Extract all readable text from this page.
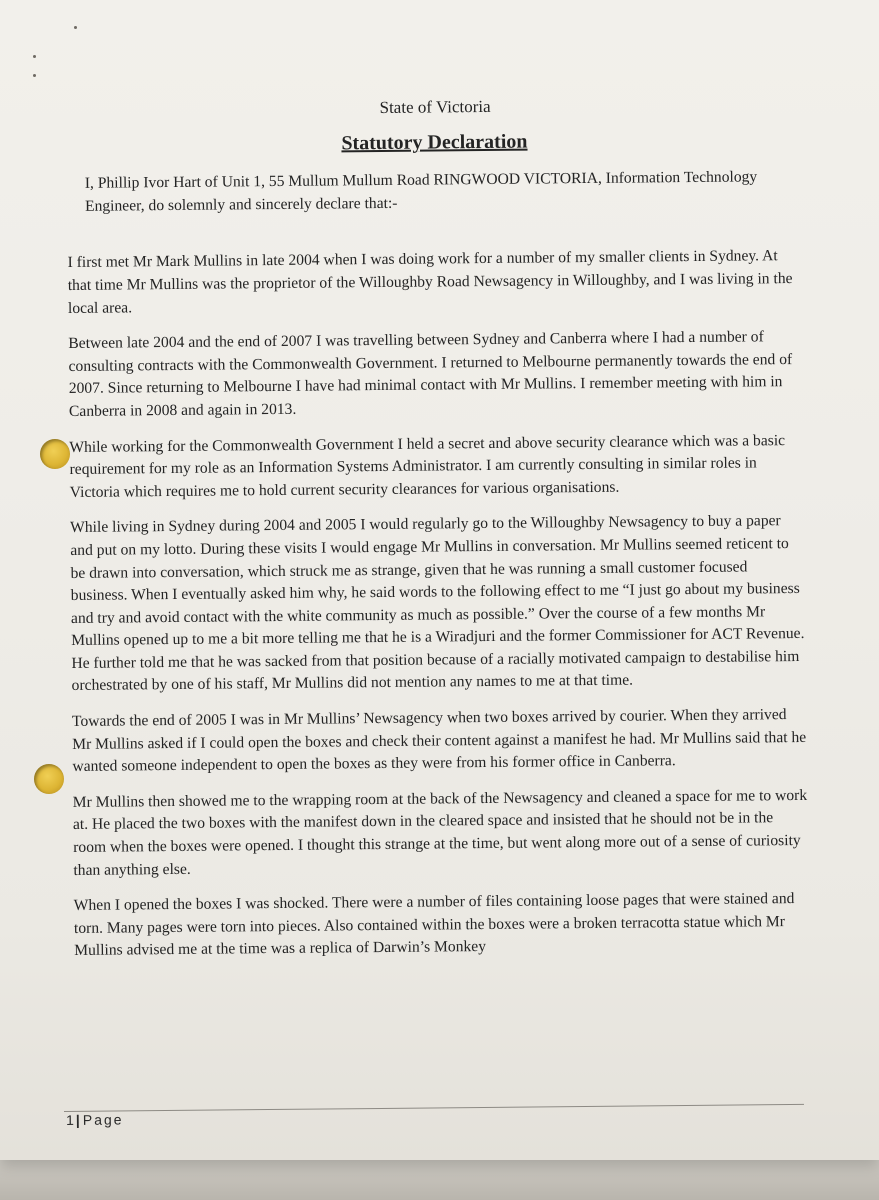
State of Victoria
Statutory Declaration
I, Phillip Ivor Hart of Unit 1, 55 Mullum Mullum Road RINGWOOD VICTORIA, Information Technology Engineer, do solemnly and sincerely declare that:-

I first met Mr Mark Mullins in late 2004 when I was doing work for a number of my smaller clients in Sydney. At that time Mr Mullins was the proprietor of the Willoughby Road Newsagency in Willoughby, and I was living in the local area.

Between late 2004 and the end of 2007 I was travelling between Sydney and Canberra where I had a number of consulting contracts with the Commonwealth Government. I returned to Melbourne permanently towards the end of 2007. Since returning to Melbourne I have had minimal contact with Mr Mullins. I remember meeting with him in Canberra in 2008 and again in 2013.

While working for the Commonwealth Government I held a secret and above security clearance which was a basic requirement for my role as an Information Systems Administrator. I am currently consulting in similar roles in Victoria which requires me to hold current security clearances for various organisations.

While living in Sydney during 2004 and 2005 I would regularly go to the Willoughby Newsagency to buy a paper and put on my lotto. During these visits I would engage Mr Mullins in conversation. Mr Mullins seemed reticent to be drawn into conversation, which struck me as strange, given that he was running a small customer focused business. When I eventually asked him why, he said words to the following effect to me “I just go about my business and try and avoid contact with the white community as much as possible.” Over the course of a few months Mr Mullins opened up to me a bit more telling me that he is a Wiradjuri and the former Commissioner for ACT Revenue. He further told me that he was sacked from that position because of a racially motivated campaign to destabilise him orchestrated by one of his staff, Mr Mullins did not mention any names to me at that time.

Towards the end of 2005 I was in Mr Mullins’ Newsagency when two boxes arrived by courier. When they arrived Mr Mullins asked if I could open the boxes and check their content against a manifest he had. Mr Mullins said that he wanted someone independent to open the boxes as they were from his former office in Canberra.

Mr Mullins then showed me to the wrapping room at the back of the Newsagency and cleaned a space for me to work at. He placed the two boxes with the manifest down in the cleared space and insisted that he should not be in the room when the boxes were opened. I thought this strange at the time, but went along more out of a sense of curiosity than anything else.

When I opened the boxes I was shocked. There were a number of files containing loose pages that were stained and torn. Many pages were torn into pieces. Also contained within the boxes were a broken terracotta statue which Mr Mullins advised me at the time was a replica of Darwin’s Monkey

1 | Page
